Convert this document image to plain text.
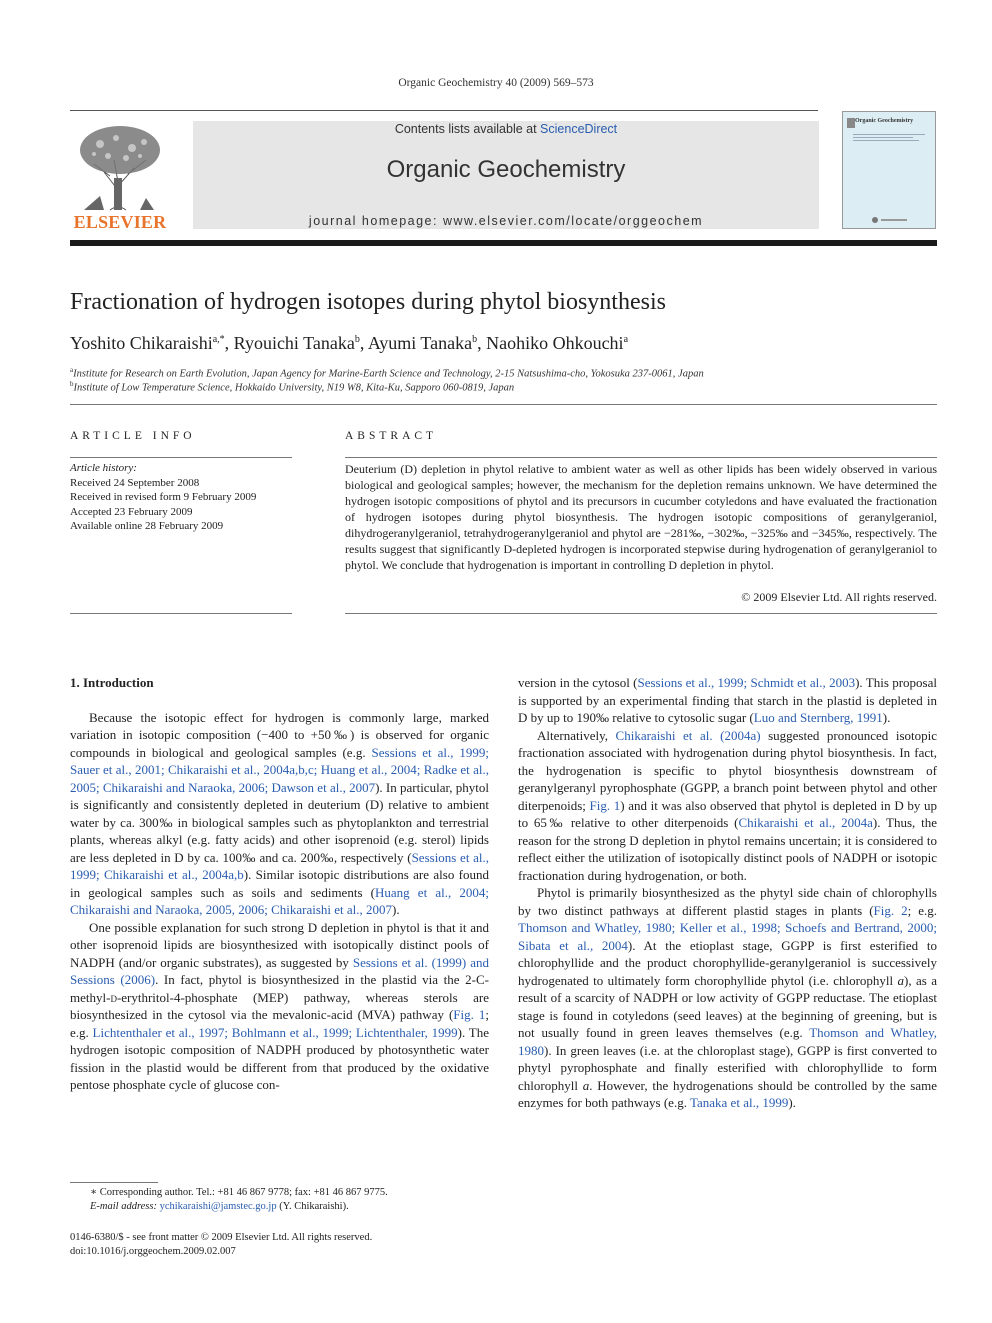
Organic Geochemistry 40 (2009) 569–573
ELSEVIER
Contents lists available at ScienceDirect
Organic Geochemistry
journal homepage: www.elsevier.com/locate/orggeochem
Organic Geochemistry
Fractionation of hydrogen isotopes during phytol biosynthesis
Yoshito Chikaraishi$^{a,*}$, Ryouichi Tanaka$^b$, Ayumi Tanaka$^b$, Naohiko Ohkouchi$^a$
$^a$Institute for Research on Earth Evolution, Japan Agency for Marine-Earth Science and Technology, 2-15 Natsushima-cho, Yokosuka 237-0061, Japan
$^b$Institute of Low Temperature Science, Hokkaido University, N19 W8, Kita-Ku, Sapporo 060-0819, Japan
ARTICLE INFO
Article history:
Received 24 September 2008
Received in revised form 9 February 2009
Accepted 23 February 2009
Available online 28 February 2009
ABSTRACT
Deuterium (D) depletion in phytol relative to ambient water as well as other lipids has been widely observed in various biological and geological samples; however, the mechanism for the depletion remains unknown. We have determined the hydrogen isotopic compositions of phytol and its precursors in cucumber cotyledons and have evaluated the fractionation of hydrogen isotopes during phytol biosynthesis. The hydrogen isotopic compositions of geranylgeraniol, dihydrogeranylgeraniol, tetrahydrogeranylgeraniol and phytol are −281‰, −302‰, −325‰ and −345‰, respectively. The results suggest that significantly D-depleted hydrogen is incorporated stepwise during hydrogenation of geranylgeraniol to phytol. We conclude that hydrogenation is important in controlling D depletion in phytol.
© 2009 Elsevier Ltd. All rights reserved.

1. Introduction

Because the isotopic effect for hydrogen is commonly large, marked variation in isotopic composition (−400 to +50‰) is observed for organic compounds in biological and geological samples (e.g. Sessions et al., 1999; Sauer et al., 2001; Chikaraishi et al., 2004a,b,c; Huang et al., 2004; Radke et al., 2005; Chikaraishi and Naraoka, 2006; Dawson et al., 2007). In particular, phytol is significantly and consistently depleted in deuterium (D) relative to ambient water by ca. 300‰ in biological samples such as phytoplankton and terrestrial plants, whereas alkyl (e.g. fatty acids) and other isoprenoid (e.g. sterol) lipids are less depleted in D by ca. 100‰ and ca. 200‰, respectively (Sessions et al., 1999; Chikaraishi et al., 2004a,b). Similar isotopic distributions are also found in geological samples such as soils and sediments (Huang et al., 2004; Chikaraishi and Naraoka, 2005, 2006; Chikaraishi et al., 2007).

One possible explanation for such strong D depletion in phytol is that it and other isoprenoid lipids are biosynthesized with isotopically distinct pools of NADPH (and/or organic substrates), as suggested by Sessions et al. (1999) and Sessions (2006). In fact, phytol is biosynthesized in the plastid via the 2-C-methyl-d-erythritol-4-phosphate (MEP) pathway, whereas sterols are biosynthesized in the cytosol via the mevalonic-acid (MVA) pathway (Fig. 1; e.g. Lichtenthaler et al., 1997; Bohlmann et al., 1999; Lichtenthaler, 1999). The hydrogen isotopic composition of NADPH produced by photosynthetic water fission in the plastid would be different from that produced by the oxidative pentose phosphate cycle of glucose con-

version in the cytosol (Sessions et al., 1999; Schmidt et al., 2003). This proposal is supported by an experimental finding that starch in the plastid is depleted in D by up to 190‰ relative to cytosolic sugar (Luo and Sternberg, 1991).

Alternatively, Chikaraishi et al. (2004a) suggested pronounced isotopic fractionation associated with hydrogenation during phytol biosynthesis. In fact, the hydrogenation is specific to phytol biosynthesis downstream of geranylgeranyl pyrophosphate (GGPP, a branch point between phytol and other diterpenoids; Fig. 1) and it was also observed that phytol is depleted in D by up to 65‰ relative to other diterpenoids (Chikaraishi et al., 2004a). Thus, the reason for the strong D depletion in phytol remains uncertain; it is considered to reflect either the utilization of isotopically distinct pools of NADPH or isotopic fractionation during hydrogenation, or both.

Phytol is primarily biosynthesized as the phytyl side chain of chlorophylls by two distinct pathways at different plastid stages in plants (Fig. 2; e.g. Thomson and Whatley, 1980; Keller et al., 1998; Schoefs and Bertrand, 2000; Sibata et al., 2004). At the etioplast stage, GGPP is first esterified to chlorophyllide and the product chorophyllide-geranylgeraniol is successively hydrogenated to ultimately form chorophyllide phytol (i.e. chlorophyll a), as a result of a scarcity of NADPH or low activity of GGPP reductase. The etioplast stage is found in cotyledons (seed leaves) at the beginning of greening, but is not usually found in green leaves themselves (e.g. Thomson and Whatley, 1980). In green leaves (i.e. at the chloroplast stage), GGPP is first converted to phytyl pyrophosphate and finally esterified with chlorophyllide to form chlorophyll a. However, the hydrogenations should be controlled by the same enzymes for both pathways (e.g. Tanaka et al., 1999).

∗ Corresponding author. Tel.: +81 46 867 9778; fax: +81 46 867 9775.
E-mail address: ychikaraishi@jamstec.go.jp (Y. Chikaraishi).
0146-6380/$ - see front matter © 2009 Elsevier Ltd. All rights reserved.
doi:10.1016/j.orggeochem.2009.02.007
